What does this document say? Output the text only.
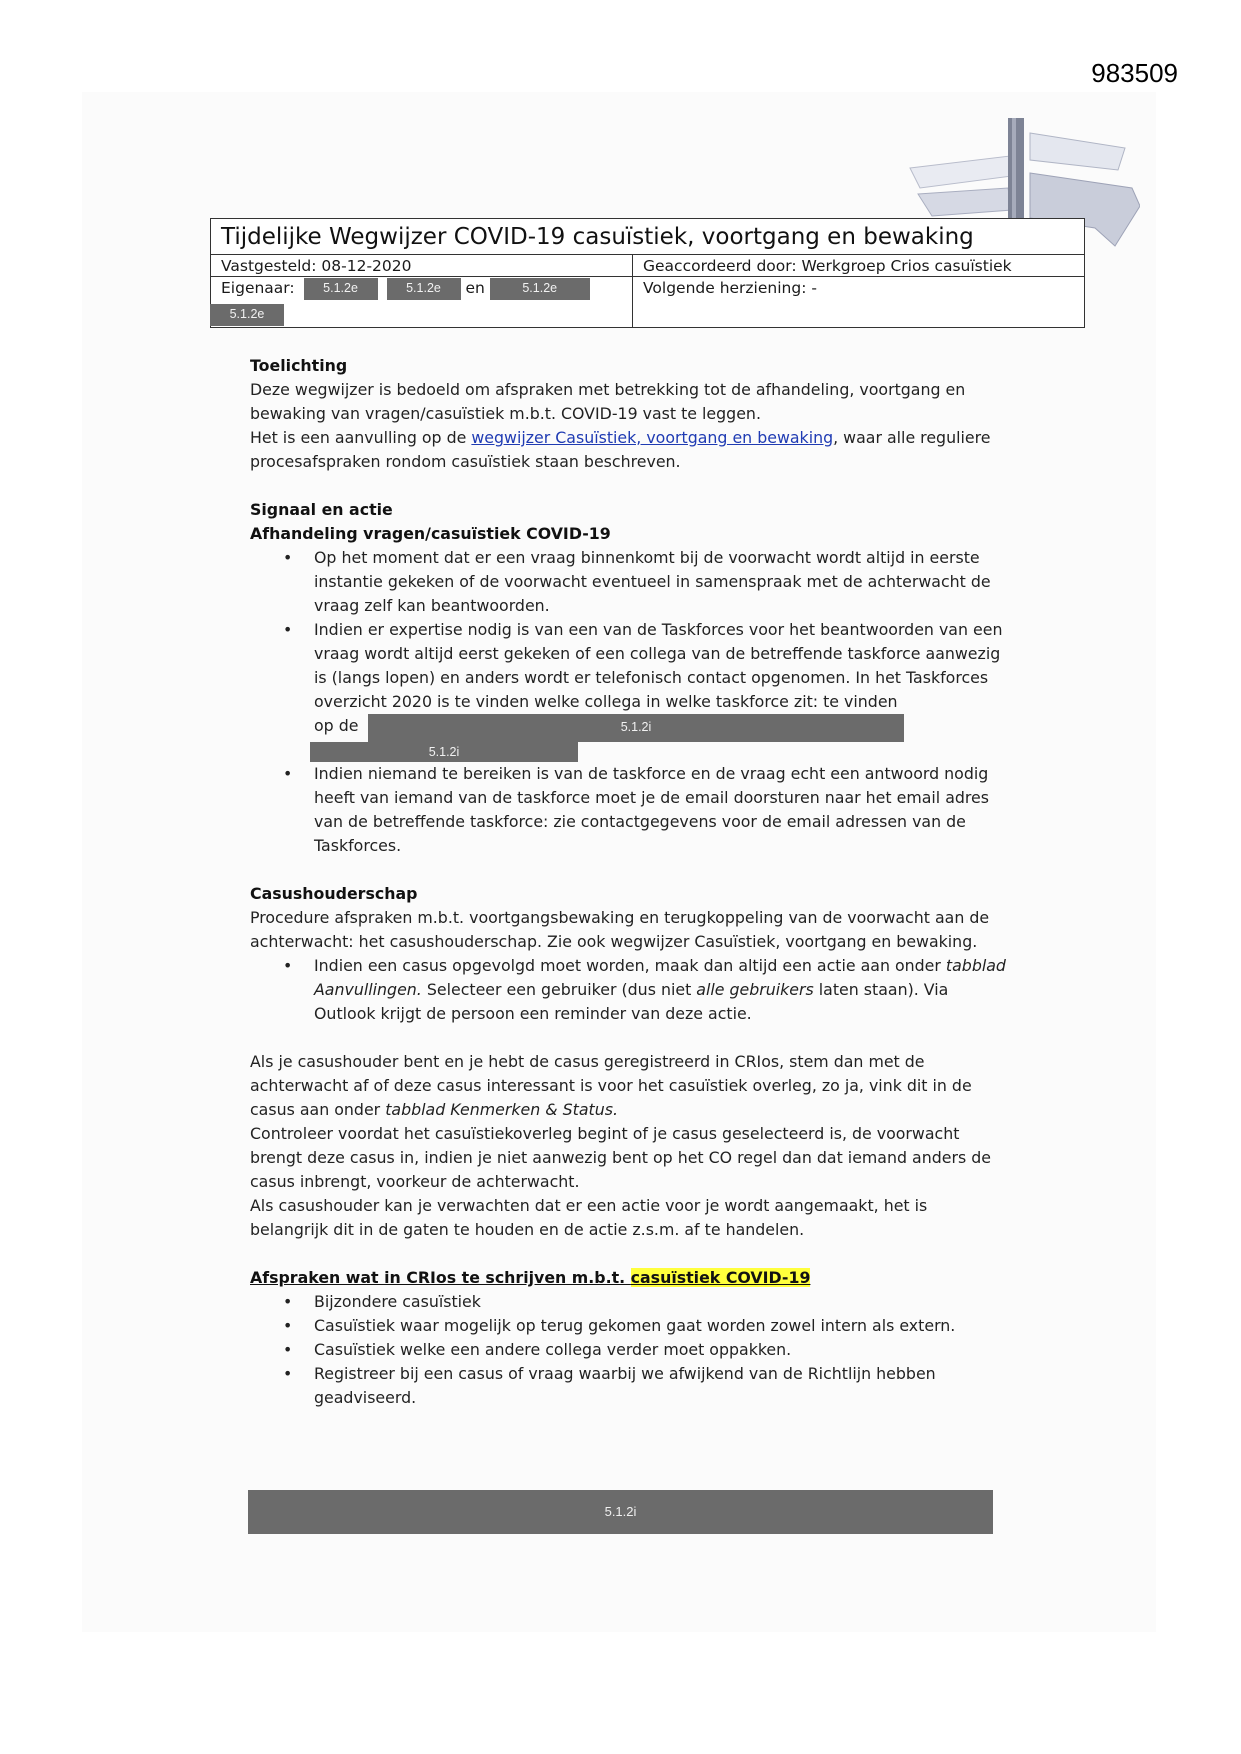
983509
Tijdelijke Wegwijzer COVID-19 casuïstiek, voortgang en bewaking
Vastgesteld: 08-12-2020	Geaccordeerd door: Werkgroep Crios casuïstiek
Eigenaar: 5.1.2e	5.1.2e en	5.1.2e
5.1.2e
Volgende herziening: -

Toelichting

Deze wegwijzer is bedoeld om afspraken met betrekking tot de afhandeling, voortgang en bewaking van vragen/casuïstiek m.b.t. COVID-19 vast te leggen.

Het is een aanvulling op de wegwijzer Casuïstiek, voortgang en bewaking, waar alle reguliere procesafspraken rondom casuïstiek staan beschreven.

Signaal en actie

Afhandeling vragen/casuïstiek COVID-19

• Op het moment dat er een vraag binnenkomt bij de voorwacht wordt altijd in eerste instantie gekeken of de voorwacht eventueel in samenspraak met de achterwacht de vraag zelf kan beantwoorden.
• Indien er expertise nodig is van een van de Taskforces voor het beantwoorden van een vraag wordt altijd eerst gekeken of een collega van de betreffende taskforce aanwezig is (langs lopen) en anders wordt er telefonisch contact opgenomen. In het Taskforces overzicht 2020 is te vinden welke collega in welke taskforce zit: te vinden
op de	5.1.2i
5.1.2i
• Indien niemand te bereiken is van de taskforce en de vraag echt een antwoord nodig heeft van iemand van de taskforce moet je de email doorsturen naar het email adres van de betreffende taskforce: zie contactgegevens voor de email adressen van de Taskforces.

Casushouderschap

Procedure afspraken m.b.t. voortgangsbewaking en terugkoppeling van de voorwacht aan de achterwacht: het casushouderschap. Zie ook wegwijzer Casuïstiek, voortgang en bewaking.

• Indien een casus opgevolgd moet worden, maak dan altijd een actie aan onder tabblad Aanvullingen. Selecteer een gebruiker (dus niet alle gebruikers laten staan). Via Outlook krijgt de persoon een reminder van deze actie.

Als je casushouder bent en je hebt de casus geregistreerd in CRIos, stem dan met de achterwacht af of deze casus interessant is voor het casuïstiek overleg, zo ja, vink dit in de casus aan onder tabblad Kenmerken & Status.

Controleer voordat het casuïstiekoverleg begint of je casus geselecteerd is, de voorwacht brengt deze casus in, indien je niet aanwezig bent op het CO regel dan dat iemand anders de casus inbrengt, voorkeur de achterwacht.

Als casushouder kan je verwachten dat er een actie voor je wordt aangemaakt, het is belangrijk dit in de gaten te houden en de actie z.s.m. af te handelen.

Afspraken wat in CRIos te schrijven m.b.t. casuïstiek COVID-19

• Bijzondere casuïstiek
• Casuïstiek waar mogelijk op terug gekomen gaat worden zowel intern als extern.
• Casuïstiek welke een andere collega verder moet oppakken.
• Registreer bij een casus of vraag waarbij we afwijkend van de Richtlijn hebben geadviseerd.
5.1.2i
